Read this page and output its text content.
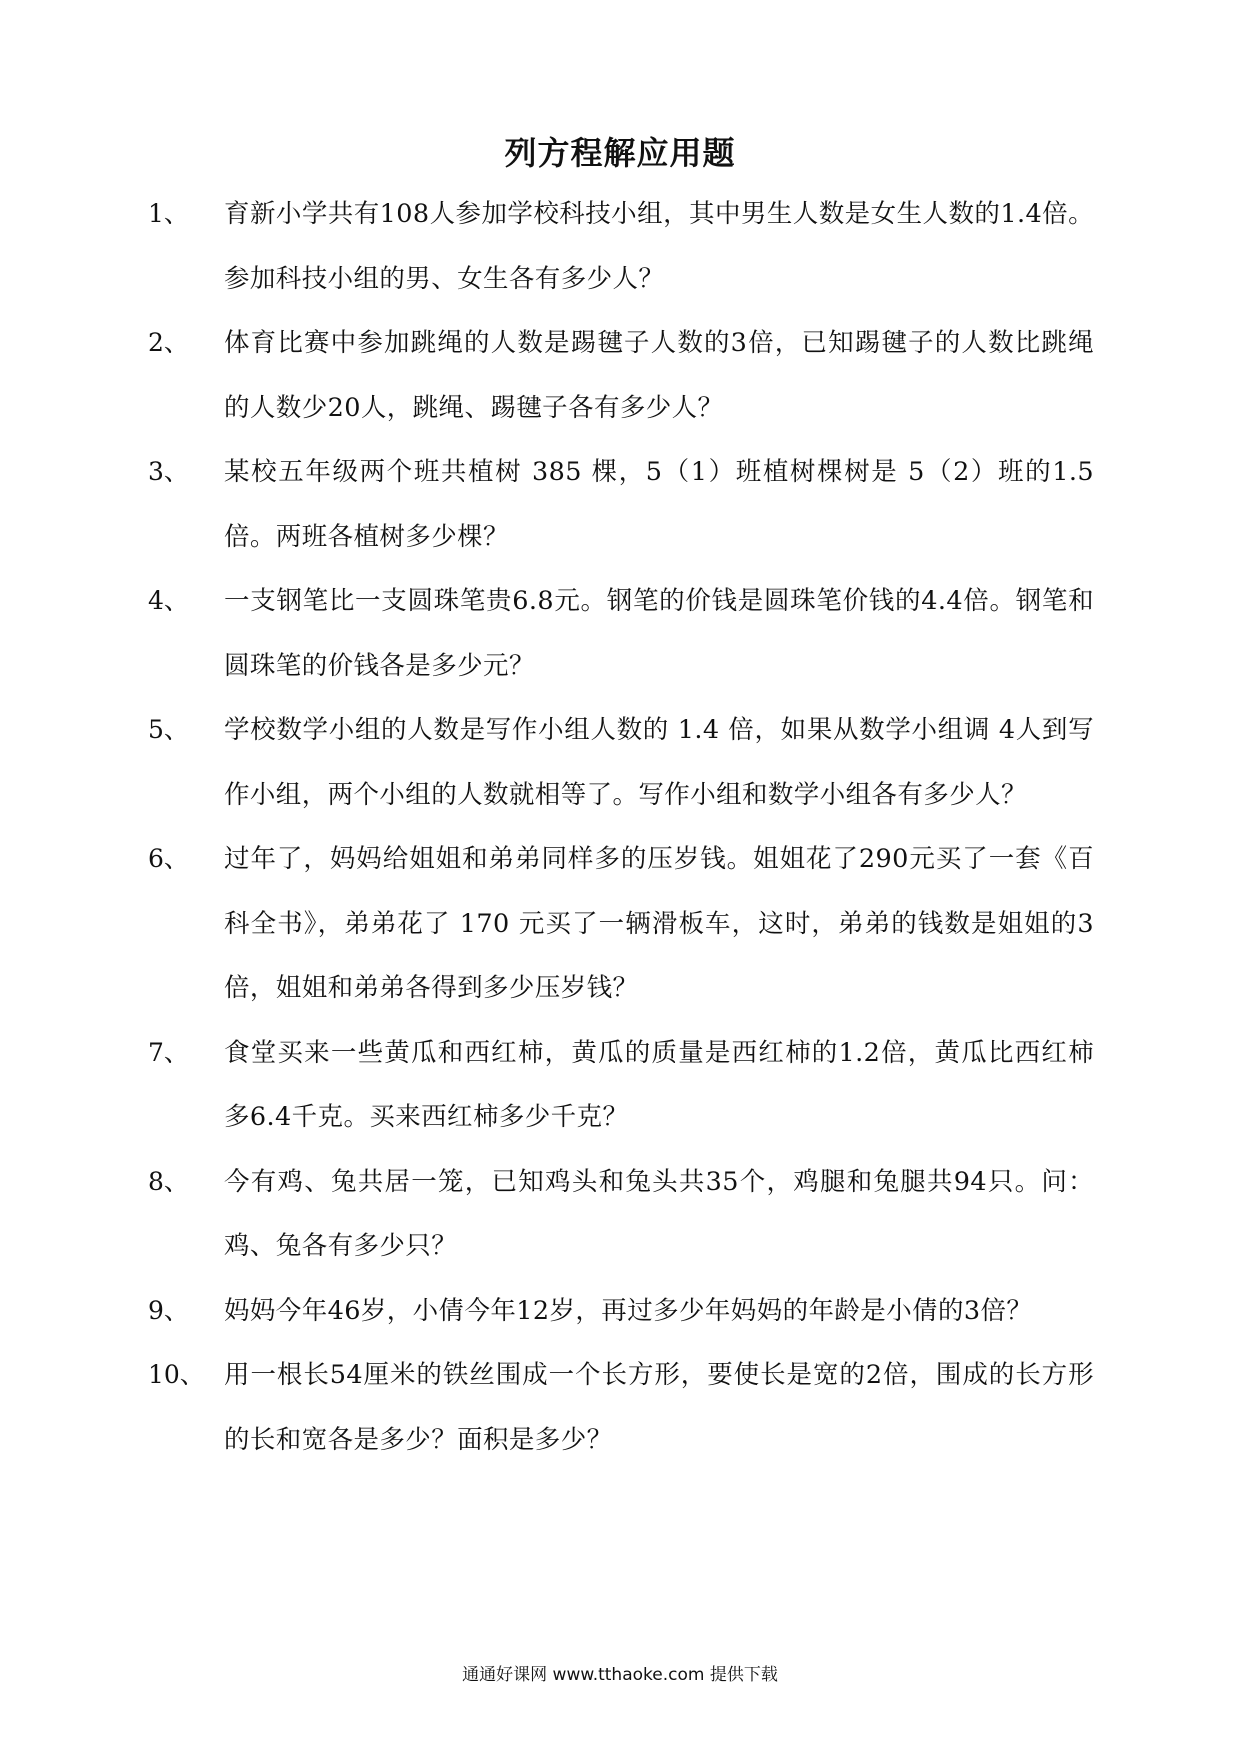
列方程解应用题
1、 育新小学共有108人参加学校科技小组，其中男生人数是女生人数的1.4倍。参加科技小组的男、女生各有多少人？
2、 体育比赛中参加跳绳的人数是踢毽子人数的3倍，已知踢毽子的人数比跳绳的人数少20人，跳绳、踢毽子各有多少人？
3、 某校五年级两个班共植树 385 棵，5（1）班植树棵树是 5（2）班的1.5倍。两班各植树多少棵？
4、 一支钢笔比一支圆珠笔贵6.8元。钢笔的价钱是圆珠笔价钱的4.4倍。钢笔和圆珠笔的价钱各是多少元？
5、 学校数学小组的人数是写作小组人数的 1.4 倍，如果从数学小组调 4人到写作小组，两个小组的人数就相等了。写作小组和数学小组各有多少人？
6、 过年了，妈妈给姐姐和弟弟同样多的压岁钱。姐姐花了290元买了一套《百科全书》，弟弟花了 170 元买了一辆滑板车，这时，弟弟的钱数是姐姐的3倍，姐姐和弟弟各得到多少压岁钱？
7、 食堂买来一些黄瓜和西红柿，黄瓜的质量是西红柿的1.2倍，黄瓜比西红柿多6.4千克。买来西红柿多少千克？
8、 今有鸡、兔共居一笼，已知鸡头和兔头共35个，鸡腿和兔腿共94只。问：鸡、兔各有多少只？
9、 妈妈今年46岁，小倩今年12岁，再过多少年妈妈的年龄是小倩的3倍？
10、 用一根长54厘米的铁丝围成一个长方形，要使长是宽的2倍，围成的长方形的长和宽各是多少？面积是多少？
通通好课网 www.tthaoke.com 提供下载
